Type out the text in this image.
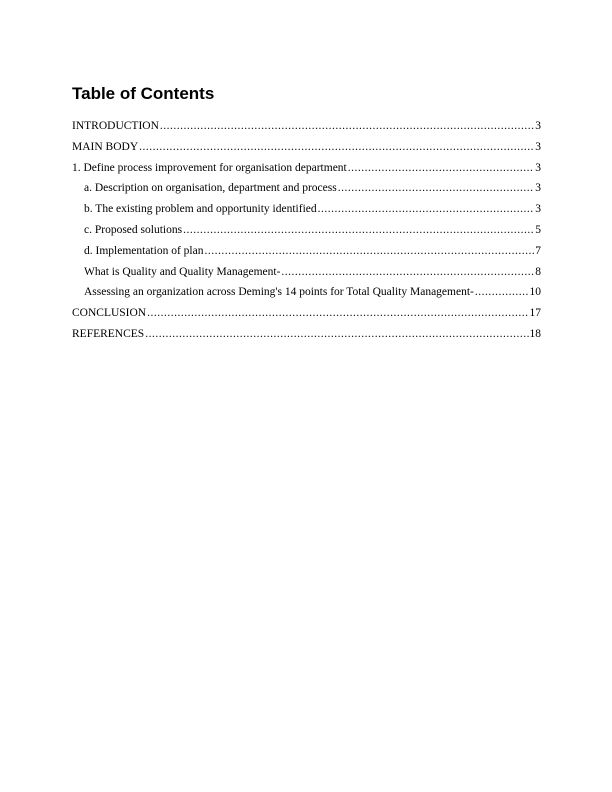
Table of Contents
INTRODUCTION .....	3
MAIN BODY .....	3
1. Define process improvement for organisation department .....	3
a. Description on organisation, department and process .....	3
b. The existing problem and opportunity identified .....	3
c. Proposed solutions .....	5
d. Implementation of plan .....	7
What is Quality and Quality Management- .....	8
Assessing an organization across Deming's 14 points for Total Quality Management- .....	10
CONCLUSION .....	17
REFERENCES .....	18
